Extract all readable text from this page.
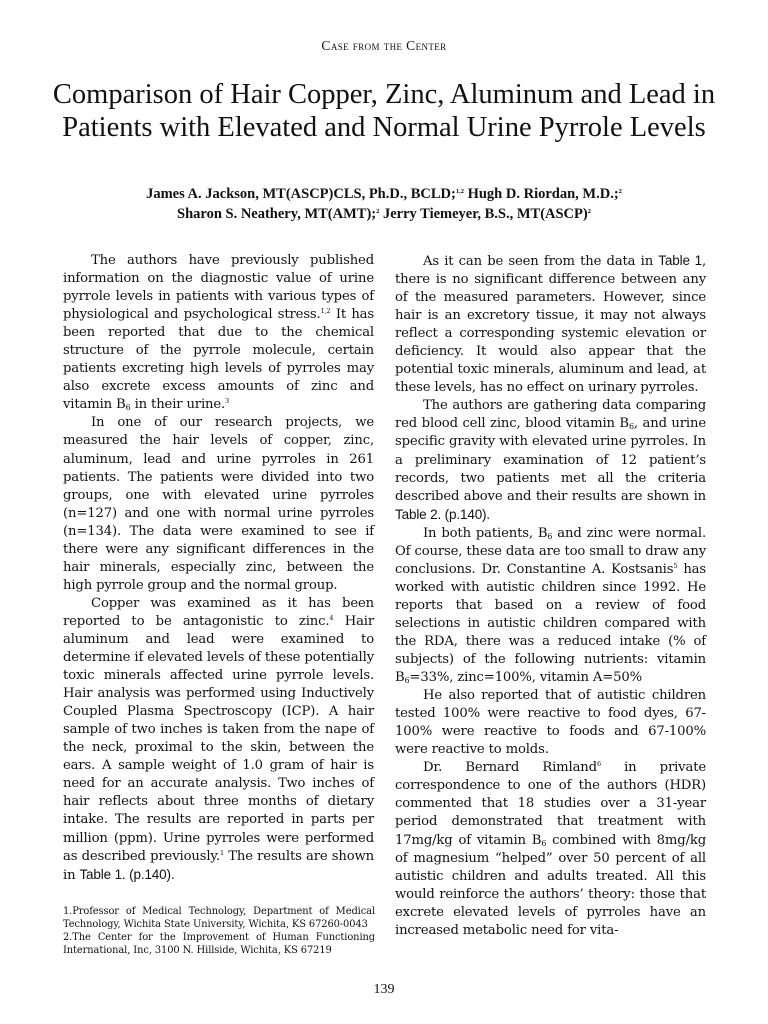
Case from the Center
Comparison of Hair Copper, Zinc, Aluminum and Lead in Patients with Elevated and Normal Urine Pyrrole Levels
James A. Jackson, MT(ASCP)CLS, Ph.D., BCLD;$^{1,2}$ Hugh D. Riordan, M.D.;$^2$
Sharon S. Neathery, MT(AMT);$^2$ Jerry Tiemeyer, B.S., MT(ASCP)$^2$

The authors have previously published information on the diagnostic value of urine pyrrole levels in patients with various types of physiological and psychological stress.$^{1,2}$ It has been reported that due to the chemical structure of the pyrrole molecule, certain patients excreting high levels of pyrroles may also excrete excess amounts of zinc and vitamin $B_6$ in their urine.$^3$

In one of our research projects, we measured the hair levels of copper, zinc, aluminum, lead and urine pyrroles in 261 patients. The patients were divided into two groups, one with elevated urine pyrroles (n=127) and one with normal urine pyrroles (n=134). The data were examined to see if there were any significant differences in the hair minerals, especially zinc, between the high pyrrole group and the normal group.

Copper was examined as it has been reported to be antagonistic to zinc.$^4$ Hair aluminum and lead were examined to determine if elevated levels of these potentially toxic minerals affected urine pyrrole levels. Hair analysis was performed using Inductively Coupled Plasma Spectroscopy (ICP). A hair sample of two inches is taken from the nape of the neck, proximal to the skin, between the ears. A sample weight of 1.0 gram of hair is need for an accurate analysis. Two inches of hair reflects about three months of dietary intake. The results are reported in parts per million (ppm). Urine pyrroles were performed as described previously.$^1$ The results are shown in Table 1. (p.140).

1.Professor of Medical Technology, Department of Medical Technology, Wichita State University, Wichita, KS 67260-0043
2.The Center for the Improvement of Human Functioning International, Inc, 3100 N. Hillside, Wichita, KS 67219

As it can be seen from the data in Table 1, there is no significant difference between any of the measured parameters. However, since hair is an excretory tissue, it may not always reflect a corresponding systemic elevation or deficiency. It would also appear that the potential toxic minerals, aluminum and lead, at these levels, has no effect on urinary pyrroles.

The authors are gathering data comparing red blood cell zinc, blood vitamin $B_6$, and urine specific gravity with elevated urine pyrroles. In a preliminary examination of 12 patient’s records, two patients met all the criteria described above and their results are shown in Table 2. (p.140).

In both patients, $B_6$ and zinc were normal. Of course, these data are too small to draw any conclusions. Dr. Constantine A. Kostsanis$^5$ has worked with autistic children since 1992. He reports that based on a review of food selections in autistic children compared with the RDA, there was a reduced intake (% of subjects) of the following nutrients: vitamin $B_6=33\%$, zinc=100%, vitamin A=50%

He also reported that of autistic children tested 100% were reactive to food dyes, 67-100% were reactive to foods and 67-100% were reactive to molds.

Dr. Bernard Rimland$^6$ in private correspondence to one of the authors (HDR) commented that 18 studies over a 31-year period demonstrated that treatment with 17mg/kg of vitamin $B_6$ combined with 8mg/kg of magnesium “helped” over 50 percent of all autistic children and adults treated. All this would reinforce the authors’ theory: those that excrete elevated levels of pyrroles have an increased metabolic need for vita-

139
